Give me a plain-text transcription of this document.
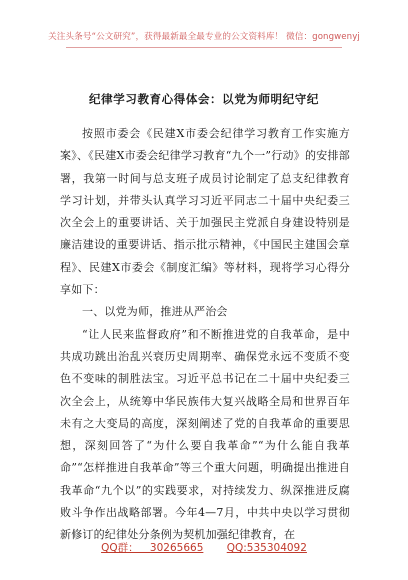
关注头条号“公文研究”，获得最新最全最专业的公文资料库！ 微信：gongwenyj
纪律学习教育心得体会：以党为师明纪守纪

按照市委会《民建X市委会纪律学习教育工作实施方案》、《民建X市委会纪律学习教育“九个一”行动》的安排部署，我第一时间与总支班子成员讨论制定了总支纪律教育学习计划，并带头认真学习习近平同志二十届中央纪委三次全会上的重要讲话、关于加强民主党派自身建设特别是廉洁建设的重要讲话、指示批示精神，《中国民主建国会章程》、民建X市委会《制度汇编》等材料，现将学习心得分享如下：

一、以党为师，推进从严治会

“让人民来监督政府”和不断推进党的自我革命，是中共成功跳出治乱兴衰历史周期率、确保党永远不变质不变色不变味的制胜法宝。习近平总书记在二十届中央纪委三次全会上，从统筹中华民族伟大复兴战略全局和世界百年未有之大变局的高度，深刻阐述了党的自我革命的重要思想，深刻回答了“为什么要自我革命”“为什么能自我革命”“怎样推进自我革命”等三个重大问题，明确提出推进自我革命“九个以”的实践要求，对持续发力、纵深推进反腐败斗争作出战略部署。今年4—7月，中共中央以学习贯彻新修订的纪律处分条例为契机加强纪律教育，在

QQ群： 30265665 QQ:535304092
